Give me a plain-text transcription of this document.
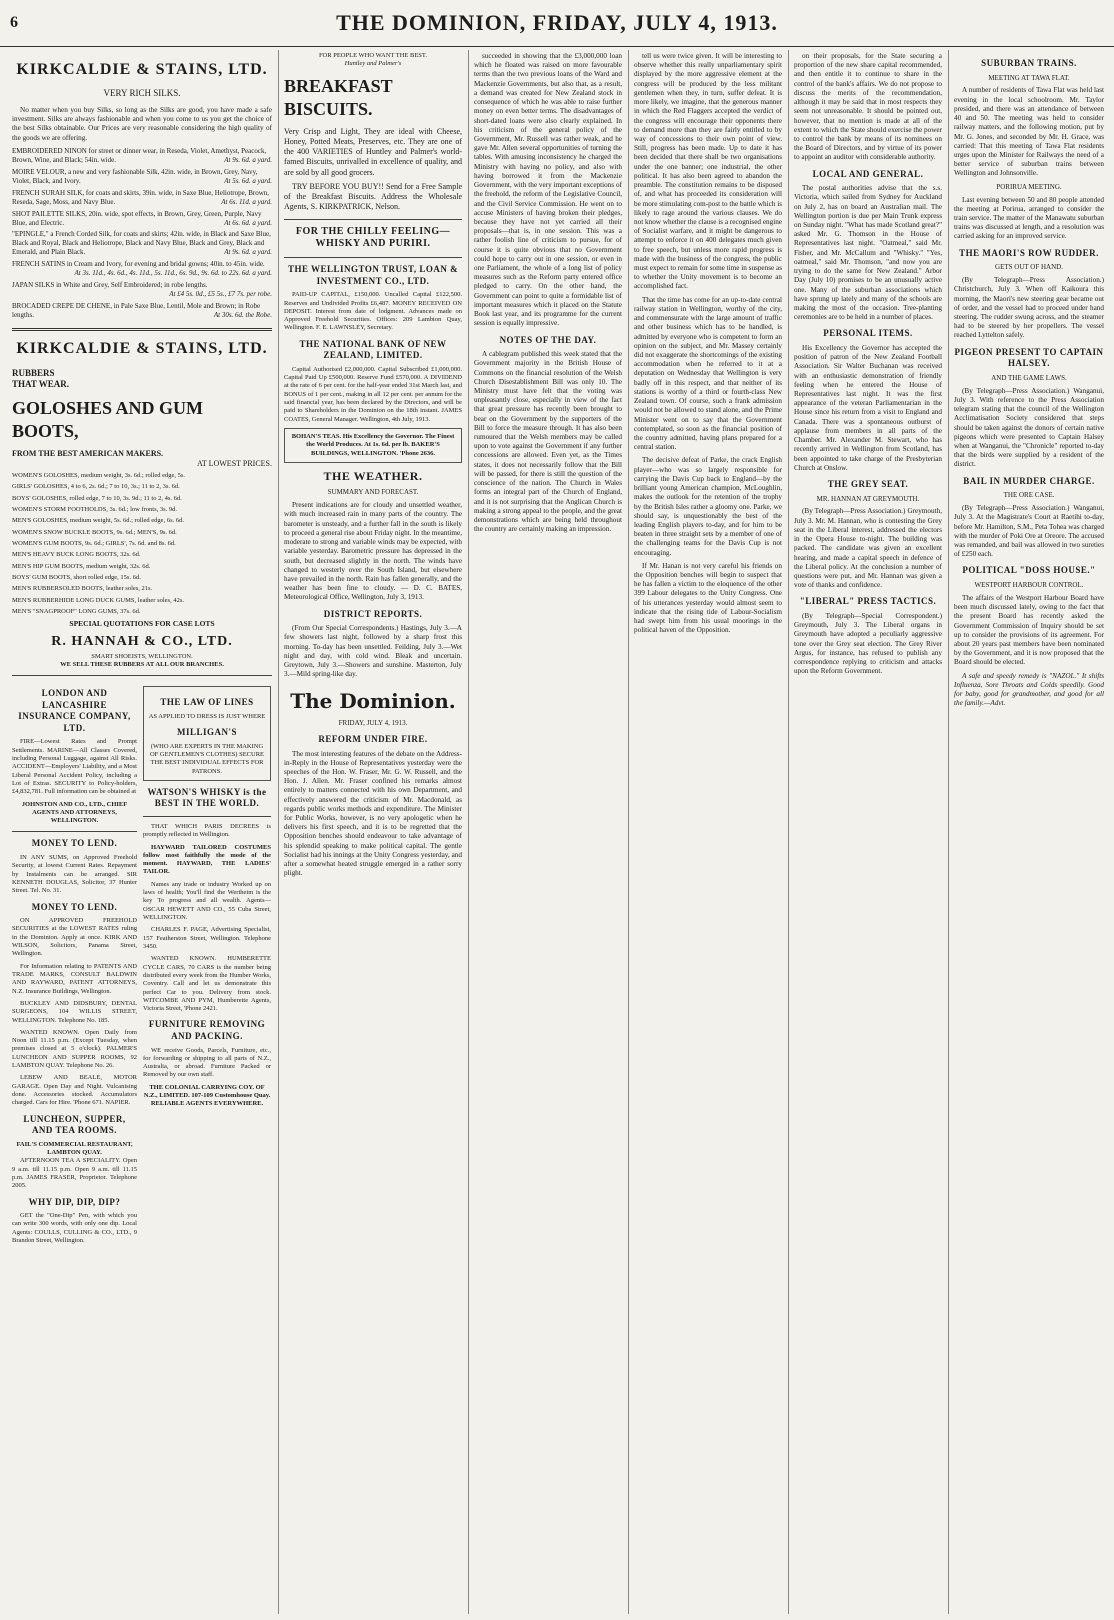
6	THE DOMINION, FRIDAY, JULY 4, 1913.
KIRKCALDIE & STAINS, LTD.
VERY RICH SILKS.

No matter when you buy Silks, so long as the Silks are good, you have made a safe investment. Silks are always fashionable and when you come to us you get the choice of the best Silks obtainable. Our Prices are very reasonable considering the high quality of the goods we are offering.

EMBROIDERED NINON for street or dinner wear, in Reseda, Violet, Amethyst, Peacock, Brown, Wine, and Black; 54in. wide.	At 9s. 6d. a yard.
MOIRE VELOUR, a new and very fashionable Silk, 42in. wide, in Brown, Grey, Navy, Violet, Black, and Ivory.	At 5s. 6d. a yard.
FRENCH SURAH SILK, for coats and skirts, 39in. wide, in Saxe Blue, Heliotrope, Brown, Reseda, Sage, Moss, and Navy Blue.	At 6s. 11d. a yard.
SHOT PAILETTE SILKS, 20in. wide, spot effects, in Brown, Grey, Green, Purple, Navy Blue, and Electric.	At 6s. 6d. a yard.
"EPINGLE," a French Corded Silk, for coats and skirts; 42in. wide, in Black and Saxe Blue, Black and Royal, Black and Heliotrope, Black and Navy Blue, Black and Grey, Black and Emerald, and Plain Black.	At 9s. 6d. a yard.
FRENCH SATINS in Cream and Ivory, for evening and bridal gowns; 40in. to 45in. wide.
At 3s. 11d., 4s. 6d., 4s. 11d., 5s. 11d., 6s. 9d., 9s. 6d. to 22s. 6d. a yard.
JAPAN SILKS in White and Grey, Self Embroidered; in robe lengths.
At £4 5s. 0d., £5 5s., £7 7s. per robe.
BROCADED CREPE DE CHENE, in Pale Saxe Blue, Lentil, Mole and Brown; in Robe lengths.	At 30s. 6d. the Robe.
KIRKCALDIE & STAINS, LTD.
RUBBERS
THAT WEAR.
GOLOSHES AND GUM BOOTS,
FROM THE BEST AMERICAN MAKERS.
AT LOWEST PRICES.
WOMEN'S GOLOSHES, medium weight, 3s. 6d.; rolled edge, 5s.
GIRLS' GOLOSHES, 4 to 6, 2s. 6d.; 7 to 10, 3s.; 11 to 2, 3s. 6d.
BOYS' GOLOSHES, rolled edge, 7 to 10, 3s. 9d.; 11 to 2, 4s. 6d.
WOMEN'S STORM FOOTHOLDS, 3s. 6d.; low fronts, 3s. 9d.
MEN'S GOLOSHES, medium weight, 5s. 6d.; rolled edge, 6s. 6d.
WOMEN'S SNOW BUCKLE BOOTS, 9s. 6d.; MEN'S, 9s. 6d.
WOMEN'S GUM BOOTS, 9s. 6d.; GIRLS', 7s. 6d. and 8s. 6d.
MEN'S HEAVY BUCK LONG BOOTS, 32s. 6d.
MEN'S HIP GUM BOOTS, medium weight, 32s. 6d.
BOYS' GUM BOOTS, short rolled edge, 15s. 6d.
MEN'S RUBBERSOLED BOOTS, leather soles, 21s.
MEN'S RUBBERHIDE LONG DUCK GUMS, leather soles, 42s.
MEN'S "SNAGPROOF" LONG GUMS, 37s. 6d.
SPECIAL QUOTATIONS FOR CASE LOTS
R. HANNAH & CO., LTD.
SMART SHOEISTS, WELLINGTON.
WE SELL THESE RUBBERS AT ALL OUR BRANCHES.
LONDON AND LANCASHIRE INSURANCE COMPANY, LTD.

FIRE—Lowest Rates and Prompt Settlements. MARINE—All Classes Covered, including Personal Luggage, against All Risks. ACCIDENT—Employers' Liability, and a Most Liberal Personal Accident Policy, including a Lot of Extras. SECURITY to Policy-holders, £4,832,781. Full information can be obtained at

JOHNSTON AND CO., LTD., CHIEF AGENTS AND ATTORNEYS, WELLINGTON.
MONEY TO LEND.

IN ANY SUMS, on Approved Freehold Security, at lowest Current Rates. Repayment by Instalments can be arranged. SIR KENNETH DOUGLAS, Solicitor, 37 Hunter Street. Tel. No. 31.

MONEY TO LEND.

ON APPROVED FREEHOLD SECURITIES at the LOWEST RATES ruling in the Dominion. Apply at once. KIRK AND WILSON, Solicitors, Panama Street, Wellington.

For Information relating to PATENTS AND TRADE MARKS, CONSULT BALDWIN AND RAYWARD, PATENT ATTORNEYS, N.Z. Insurance Buildings, Wellington.

BUCKLEY AND DIDSBURY, DENTAL SURGEONS, 104 WILLIS STREET, WELLINGTON. Telephone No. 185.

WANTED KNOWN. Open Daily from Noon till 11.15 p.m. (Except Tuesday, when premises closed at 5 o'clock). PALMER'S LUNCHEON AND SUPPER ROOMS, 92 LAMBTON QUAY. Telephone No. 26.

LEBEW AND BEALE, MOTOR GARAGE. Open Day and Night. Vulcanising done. Accessories stocked. Accumulators charged. Cars for Hire. 'Phone 671. NAPIER.

LUNCHEON, SUPPER, AND TEA ROOMS.
FAIL'S COMMERCIAL RESTAURANT, LAMBTON QUAY.

AFTERNOON TEA A SPECIALITY. Open 9 a.m. till 11.15 p.m. Open 9 a.m. till 11.15 p.m. JAMES FRASER, Proprietor. Telephone 2005.

WHY DIP, DIP, DIP?

GET the "One-Dip" Pen, with which you can write 300 words, with only one dip. Local Agents: COULLS, CULLING & CO., LTD., 9 Brandon Street, Wellington.

THE LAW OF LINES
AS APPLIED TO DRESS IS JUST WHERE
MILLIGAN'S
(WHO ARE EXPERTS IN THE MAKING OF GENTLEMEN'S CLOTHES) SECURE THE BEST INDIVIDUAL EFFECTS FOR PATRONS.
WATSON'S WHISKY is the BEST IN THE WORLD.

THAT WHICH PARIS DECREES is promptly reflected in Wellington.

HAYWARD TAILORED COSTUMES follow most faithfully the mode of the moment. HAYWARD, THE LADIES' TAILOR.

Names any trade or industry Worked up on laws of health; You'll find the Wertheim is the key To progress and all wealth. Agents—OSCAR HEWETT AND CO., 55 Cuba Street, WELLINGTON.

CHARLES F. PAGE, Advertising Specialist, 157 Featherston Street, Wellington. Telephone 3450.

WANTED KNOWN. HUMBERETTE CYCLE CARS, 70 CARS is the number being distributed every week from the Humber Works, Coventry. Call and let us demonstrate this perfect Car to you. Delivery from stock. WITCOMBE AND PYM, Humberette Agents, Victoria Street, 'Phone 2421.

FURNITURE REMOVING AND PACKING.

WE receive Goods, Parcels, Furniture, etc., for forwarding or shipping to all parts of N.Z., Australia, or abroad. Furniture Packed or Removed by our own staff.

THE COLONIAL CARRYING COY. OF N.Z., LIMITED. 107-109 Customhouse Quay. RELIABLE AGENTS EVERYWHERE.
FOR PEOPLE WHO WANT THE BEST.
Huntley and Palmer's
BREAKFAST BISCUITS.

Very Crisp and Light, They are ideal with Cheese, Honey, Potted Meats, Preserves, etc. They are one of the 400 VARIETIES of Huntley and Palmer's world-famed Biscuits, unrivalled in excellence of quality, and are sold by all good grocers.

TRY BEFORE YOU BUY!! Send for a Free Sample of the Breakfast Biscuits. Address the Wholesale Agents, S. KIRKPATRICK, Nelson.

FOR THE CHILLY FEELING— WHISKY AND PURIRI.
THE WELLINGTON TRUST, LOAN & INVESTMENT CO., LTD.

PAID-UP CAPITAL, £150,000. Uncalled Capital £122,500. Reserves and Undivided Profits £6,487. MONEY RECEIVED ON DEPOSIT. Interest from date of lodgment. Advances made on Approved Freehold Securities. Offices: 209 Lambton Quay, Wellington. F. E. LAWNSLEY, Secretary.

THE NATIONAL BANK OF NEW ZEALAND, LIMITED.

Capital Authorised £2,000,000. Capital Subscribed £1,000,000. Capital Paid Up £500,000. Reserve Fund £570,000. A DIVIDEND at the rate of 6 per cent. for the half-year ended 31st March last, and BONUS of 1 per cent., making in all 12 per cent. per annum for the said financial year, has been declared by the Directors, and will be paid to Shareholders in the Dominion on the 18th instant. JAMES COATES, General Manager. Wellington, 4th July, 1913.

BOHAN'S TEAS. His Excellency the Governor. The Finest the World Produces. At 1s. 6d. per lb. BAKER'S BUILDINGS, WELLINGTON. 'Phone 2636.
THE WEATHER.
SUMMARY AND FORECAST.

Present indications are for cloudy and unsettled weather, with much increased rain in many parts of the country. The barometer is unsteady, and a further fall in the south is likely to proceed a general rise about Friday night. In the meantime, moderate to strong and variable winds may be expected, with variable yesterday. Barometric pressure has depressed in the south, but decreased slightly in the north. The winds have changed to westerly over the South Island, but elsewhere have prevailed in the north. Rain has fallen generally, and the weather has been fine to cloudy. — D. C. BATES, Meteorological Office, Wellington, July 3, 1913.

DISTRICT REPORTS.

(From Our Special Correspondents.) Hastings, July 3.—A few showers last night, followed by a sharp frost this morning. To-day has been unsettled. Feilding, July 3.—Wet night and day, with cold wind. Bleak and uncertain. Greytown, July 3.—Showers and sunshine. Masterton, July 3.—Mild spring-like day.

The Dominion.
FRIDAY, JULY 4, 1913.
REFORM UNDER FIRE.

The most interesting features of the debate on the Address-in-Reply in the House of Representatives yesterday were the speeches of the Hon. W. Fraser, Mr. G. W. Russell, and the Hon. J. Allen. Mr. Fraser confined his remarks almost entirely to matters connected with his own Department, and effectively answered the criticism of Mr. Macdonald, as regards public works methods and expenditure. The Minister for Public Works, however, is no very apologetic when he delivers his first speech, and it is to be regretted that the Opposition benches should endeavour to take advantage of his splendid speaking to make political capital. The gentle Socialist had his innings at the Unity Congress yesterday, and after a somewhat heated struggle emerged in a rather sorry plight.

succeeded in showing that the £3,000,000 loan which he floated was raised on more favourable terms than the two previous loans of the Ward and Mackenzie Governments, but also that, as a result, a demand was created for New Zealand stock in consequence of which he was able to raise further money on even better terms. The disadvantages of short-dated loans were also clearly explained. In his criticism of the general policy of the Government, Mr. Russell was rather weak, and he gave Mr. Allen several opportunities of turning the tables. With amusing inconsistency he charged the Ministry with having no policy, and also with having borrowed it from the Mackenzie Government, with the very important exceptions of the freehold, the reform of the Legislative Council, and the Civil Service Commission. He went on to accuse Ministers of having broken their pledges, because they have not yet carried all their proposals—that is, in one session. This was a rather foolish line of criticism to pursue, for of course it is quite obvious that no Government could hope to carry out in one session, or even in one Parliament, the whole of a long list of policy measures such as the Reform party entered office pledged to carry. On the other hand, the Government can point to quite a formidable list of important measures which it placed on the Statute Book last year, and its programme for the current session is equally impressive.

NOTES OF THE DAY.

A cablegram published this week stated that the Government majority in the British House of Commons on the financial resolution of the Welsh Church Disestablishment Bill was only 10. The Ministry must have felt that the voting was unpleasantly close, especially in view of the fact that great pressure has recently been brought to bear on the Government by the supporters of the Bill to force the measure through. It has also been rumoured that the Welsh members may be called upon to vote against the Government if any further concessions are allowed. Even yet, as the Times states, it does not necessarily follow that the Bill will be passed, for there is still the question of the conscience of the nation. The Church in Wales forms an integral part of the Church of England, and it is not surprising that the Anglican Church is making a strong appeal to the people, and the great demonstrations which are being held throughout the country are certainly making an impression.

tell us were twice given. It will be interesting to observe whether this really unparliamentary spirit displayed by the more aggressive element at the congress will be produced by the less militant gentlemen when they, in turn, suffer defeat. It is more likely, we imagine, that the generous manner in which the Red Flaggers accepted the verdict of the congress will encourage their opponents there to demand more than they are fairly entitled to by way of concessions to their own point of view. Still, progress has been made. Up to date it has been decided that there shall be two organisations under the one banner; one industrial, the other political. It has also been agreed to abandon the preamble. The constitution remains to be disposed of, and what has proceeded its consideration will be more stimulating com-post to the battle which is likely to rage around the various clauses. We do not know whether the clause is a recognised engine of Socialist warfare, and it might be dangerous to attempt to enforce it on 400 delegates much given to free speech, but unless more rapid progress is made with the business of the congress, the public must expect to remain for some time in suspense as to whether the Unity movement is to become an accomplished fact.

That the time has come for an up-to-date central railway station in Wellington, worthy of the city, and commensurate with the large amount of traffic and other business which has to be handled, is admitted by everyone who is competent to form an opinion on the subject, and Mr. Massey certainly did not exaggerate the shortcomings of the existing accommodation when he referred to it at a deputation on Wednesday that Wellington is very badly off in this respect, and that neither of its stations is worthy of a third or fourth-class New Zealand town. Of course, such a frank admission would not be allowed to stand alone, and the Prime Minister went on to say that the Government contemplated, so soon as the financial position of the country admitted, having plans prepared for a central station.

The decisive defeat of Parke, the crack English player—who was so largely responsible for carrying the Davis Cup back to England—by the brilliant young American champion, McLoughlin, makes the outlook for the retention of the trophy by the British Isles rather a gloomy one. Parke, we should say, is unquestionably the best of the leading English players to-day, and for him to be beaten in three straight sets by a member of one of the challenging teams for the Davis Cup is not encouraging.

If Mr. Hanan is not very careful his friends on the Opposition benches will begin to suspect that he has fallen a victim to the eloquence of the other 399 Labour delegates to the Unity Congress. One of his utterances yesterday would almost seem to indicate that the rising tide of Labour-Socialism had swept him from his usual moorings in the political haven of the Opposition.

on their proposals, for the State securing a proportion of the new share capital recommended, and then entitle it to continue to share in the control of the bank's affairs. We do not propose to discuss the merits of the recommendation, although it may be said that in most respects they seem not unreasonable. It should be pointed out, however, that no mention is made at all of the extent to which the State should exercise the power to control the bank by means of its nominees on the Board of Directors, and by virtue of its power to appoint an auditor with considerable authority.

LOCAL AND GENERAL.

The postal authorities advise that the s.s. Victoria, which sailed from Sydney for Auckland on July 2, has on board an Australian mail. The Wellington portion is due per Main Trunk express on Sunday night. "What has made Scotland great?" asked Mr. G. Thomson in the House of Representatives last night. "Oatmeal," said Mr. Fisher, and Mr. McCallum and "Whisky." "Yes, oatmeal," said Mr. Thomson, "and now you are trying to do the same for New Zealand." Arbor Day (July 10) promises to be an unusually active one. Many of the suburban associations which have sprung up lately and many of the schools are making the most of the occasion. Tree-planting ceremonies are to be held in a number of places.

PERSONAL ITEMS.

His Excellency the Governor has accepted the position of patron of the New Zealand Football Association. Sir Walter Buchanan was received with an enthusiastic demonstration of friendly feeling when he entered the House of Representatives last night. It was the first appearance of the veteran Parliamentarian in the House since his return from a visit to England and Canada. There was a spontaneous outburst of applause from members in all parts of the Chamber. Mr. Alexander M. Stewart, who has recently arrived in Wellington from Scotland, has been appointed to take charge of the Presbyterian Church at Onslow.

THE GREY SEAT.
MR. HANNAN AT GREYMOUTH.

(By Telegraph—Press Association.) Greymouth, July 3. Mr. M. Hannan, who is contesting the Grey seat in the Liberal interest, addressed the electors in the Opera House to-night. The building was packed. The candidate was given an excellent hearing, and made a capital speech in defence of the Liberal policy. At the conclusion a number of questions were put, and Mr. Hannan was given a vote of thanks and confidence.

"LIBERAL" PRESS TACTICS.

(By Telegraph—Special Correspondent.) Greymouth, July 3. The Liberal organs in Greymouth have adopted a peculiarly aggressive tone over the Grey seat election. The Grey River Argus, for instance, has refused to publish any correspondence replying to criticism and attacks upon the Reform Government.

SUBURBAN TRAINS.
MEETING AT TAWA FLAT.

A number of residents of Tawa Flat was held last evening in the local schoolroom. Mr. Taylor presided, and there was an attendance of between 40 and 50. The meeting was held to consider railway matters, and the following motion, put by Mr. G. Jones, and seconded by Mr. H. Grace, was carried: That this meeting of Tawa Flat residents urges upon the Minister for Railways the need of a better service of suburban trains between Wellington and Johnsonville.

PORIRUA MEETING.

Last evening between 50 and 80 people attended the meeting at Porirua, arranged to consider the train service. The matter of the Manawatu suburban trains was discussed at length, and a resolution was carried asking for an improved service.

THE MAORI'S ROW RUDDER.
GETS OUT OF HAND.

(By Telegraph—Press Association.) Christchurch, July 3. When off Kaikoura this morning, the Maori's new steering gear became out of order, and the vessel had to proceed under hand steering. The rudder swung across, and the steamer had to be steered by her propellers. The vessel reached Lyttelton safely.

PIGEON PRESENT TO CAPTAIN HALSEY.
AND THE GAME LAWS.

(By Telegraph—Press Association.) Wanganui, July 3. With reference to the Press Association telegram stating that the council of the Wellington Acclimatisation Society considered that steps should be taken against the donors of certain native pigeons which were presented to Captain Halsey when at Wanganui, the "Chronicle" reported to-day that the birds were supplied by a resident of the district.

BAIL IN MURDER CHARGE.
THE ORE CASE.

(By Telegraph—Press Association.) Wanganui, July 3. At the Magistrate's Court at Raetihi to-day, before Mr. Hamilton, S.M., Peta Tohea was charged with the murder of Poki Ore at Oreore. The accused was remanded, and bail was allowed in two sureties of £250 each.

POLITICAL "DOSS HOUSE."
WESTPORT HARBOUR CONTROL.

The affairs of the Westport Harbour Board have been much discussed lately, owing to the fact that the present Board has recently asked the Government Commission of Inquiry should be set up to consider the provisions of its agreement. For about 20 years past members have been nominated by the Government, and it is now proposed that the Board should be elected.

A safe and speedy remedy is "NAZOL." It shifts Influenza, Sore Throats and Colds speedily. Good for baby, good for grandmother, and good for all the family.—Advt.
